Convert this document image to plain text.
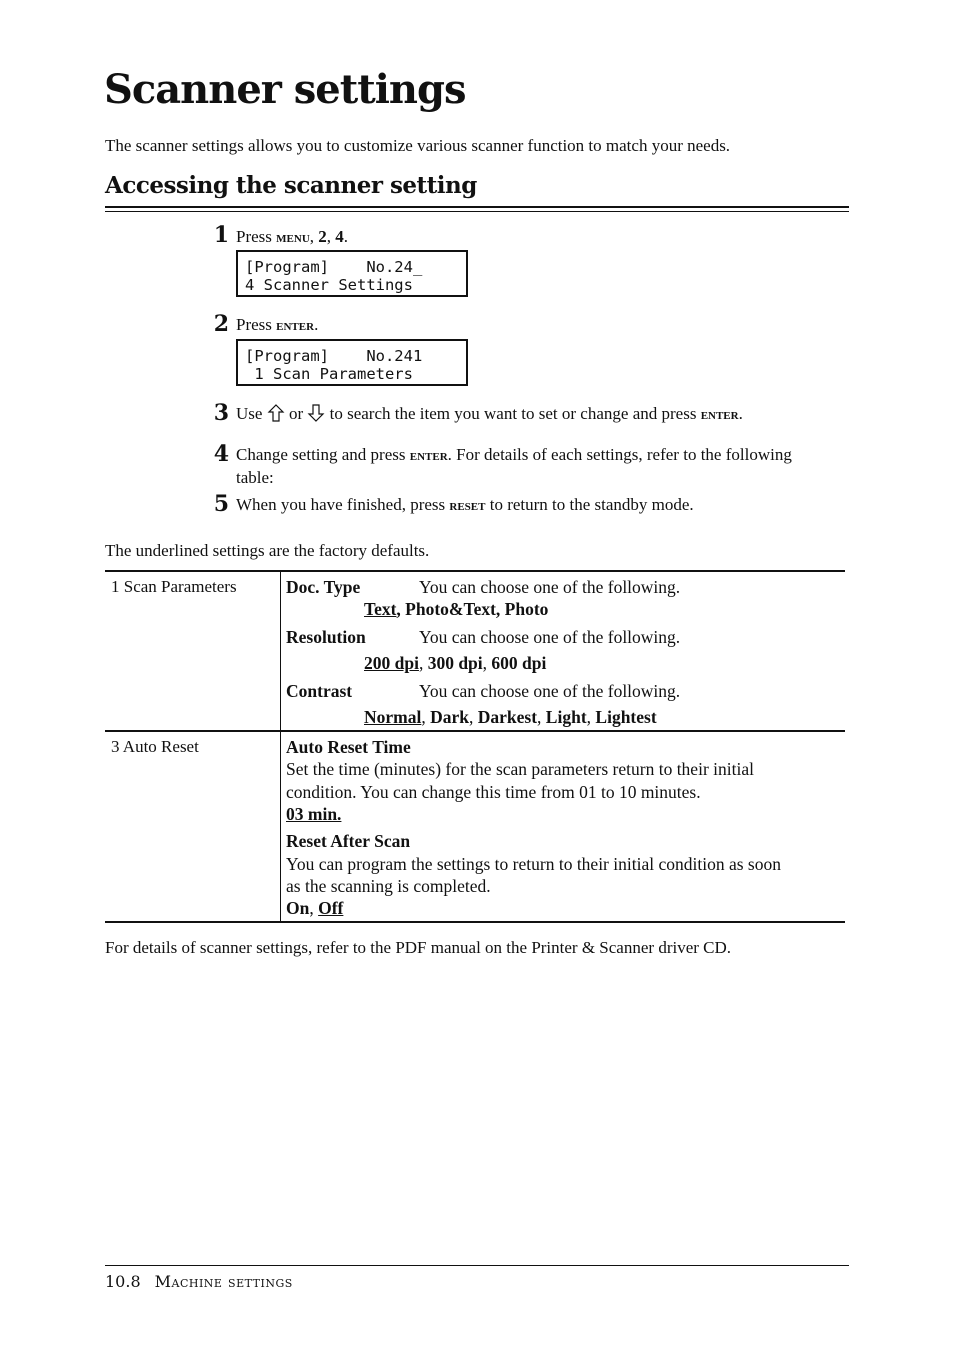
Scanner settings

The scanner settings allows you to customize various scanner function to match your needs.

Accessing the scanner setting
1 Press menu, 2, 4.
[Program]    No.24_
4 Scanner Settings
2 Press enter.
[Program]    No.241
1 Scan Parameters
3 Use  or  to search the item you want to set or change and press enter.
4 Change setting and press enter. For details of each settings, refer to the following
table:
5 When you have finished, press reset to return to the standby mode.

The underlined settings are the factory defaults.

1 Scan Parameters	Doc. Type	You can choose one of the following.
Text, Photo&Text, Photo
Resolution	You can choose one of the following.
200 dpi, 300 dpi, 600 dpi
Contrast	You can choose one of the following.
Normal, Dark, Darkest, Light, Lightest
3 Auto Reset	Auto Reset Time
Set the time (minutes) for the scan parameters return to their initial
condition. You can change this time from 01 to 10 minutes.
03 min.
Reset After Scan
You can program the settings to return to their initial condition as soon
as the scanning is completed.
On, Off

For details of scanner settings, refer to the PDF manual on the Printer & Scanner driver CD.

10.8 Machine settings
